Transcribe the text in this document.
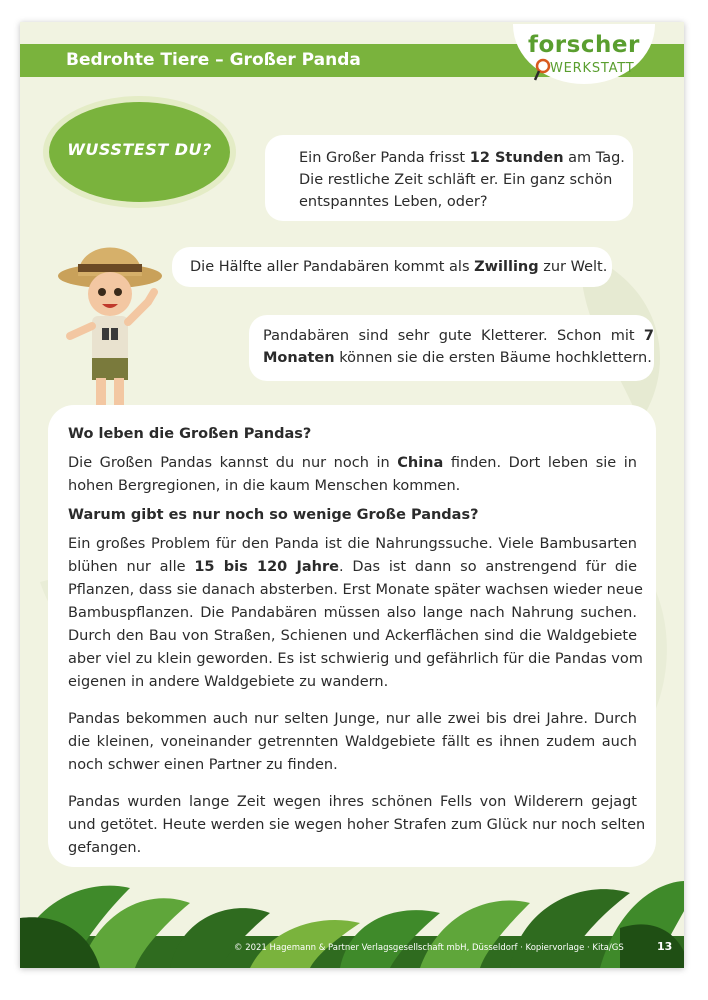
Bedrohte Tiere – Großer Panda
forscher
WERKSTATT
WUSSTEST DU?	Ein Großer Panda frisst 12 Stunden am Tag.
Die restliche Zeit schläft er. Ein ganz schön
entspanntes Leben, oder?
Die Hälfte aller Pandabären kommt als Zwilling zur Welt.
Pandabären sind sehr gute Kletterer. Schon mit 7
Monaten können sie die ersten Bäume hochklettern.

Wo leben die Großen Pandas?

Die Großen Pandas kannst du nur noch in China finden. Dort leben sie in
hohen Bergregionen, in die kaum Menschen kommen.

Warum gibt es nur noch so wenige Große Pandas?

Ein großes Problem für den Panda ist die Nahrungssuche. Viele Bambusarten
blühen nur alle 15 bis 120 Jahre. Das ist dann so anstrengend für die
Pflanzen, dass sie danach absterben. Erst Monate später wachsen wieder neue
Bambuspflanzen. Die Pandabären müssen also lange nach Nahrung suchen.
Durch den Bau von Straßen, Schienen und Ackerflächen sind die Waldgebiete
aber viel zu klein geworden. Es ist schwierig und gefährlich für die Pandas vom
eigenen in andere Waldgebiete zu wandern.
Pandas bekommen auch nur selten Junge, nur alle zwei bis drei Jahre. Durch
die kleinen, voneinander getrennten Waldgebiete fällt es ihnen zudem auch
noch schwer einen Partner zu finden.
Pandas wurden lange Zeit wegen ihres schönen Fells von Wilderern gejagt
und getötet. Heute werden sie wegen hoher Strafen zum Glück nur noch selten
gefangen.
© 2021 Hagemann & Partner Verlagsgesellschaft mbH, Düsseldorf · Kopiervorlage · Kita/GS	13
